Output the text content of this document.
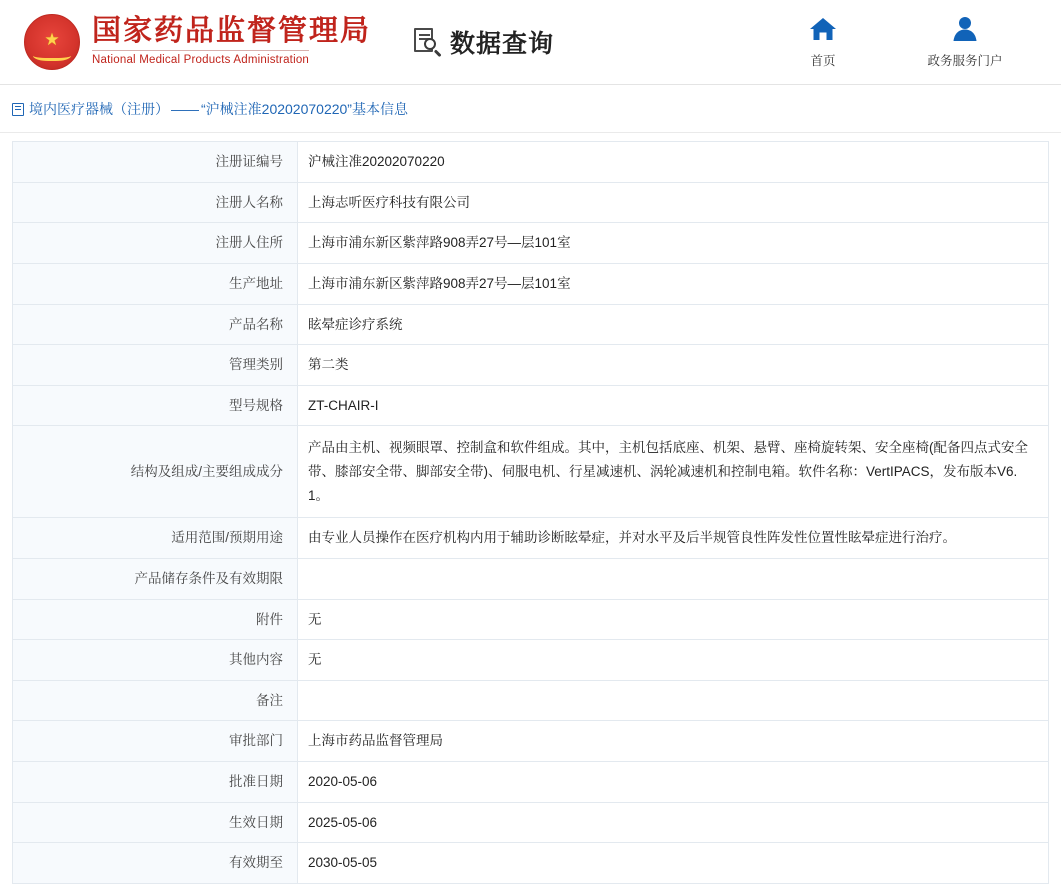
★
国家药品监督管理局
National Medical Products Administration
数据查询
首页	政务服务门户
境内医疗器械（注册） —— “沪械注准20202070220”基本信息
注册证编号	沪械注准20202070220
注册人名称	上海志听医疗科技有限公司
注册人住所	上海市浦东新区紫萍路908弄27号—层101室
生产地址	上海市浦东新区紫萍路908弄27号—层101室
产品名称	眩晕症诊疗系统
管理类别	第二类
型号规格	ZT-CHAIR-I
结构及组成/主要组成成分	产品由主机、视频眼罩、控制盒和软件组成。其中，主机包括底座、机架、悬臂、座椅旋转架、安全座椅(配备四点式安全带、膝部安全带、脚部安全带)、伺服电机、行星减速机、涡轮减速机和控制电箱。软件名称：VertIPACS，发布版本V6.1。
适用范围/预期用途	由专业人员操作在医疗机构内用于辅助诊断眩晕症，并对水平及后半规管良性阵发性位置性眩晕症进行治疗。
产品储存条件及有效期限	
附件	无
其他内容	无
备注	
审批部门	上海市药品监督管理局
批准日期	2020-05-06
生效日期	2025-05-06
有效期至	2030-05-05
